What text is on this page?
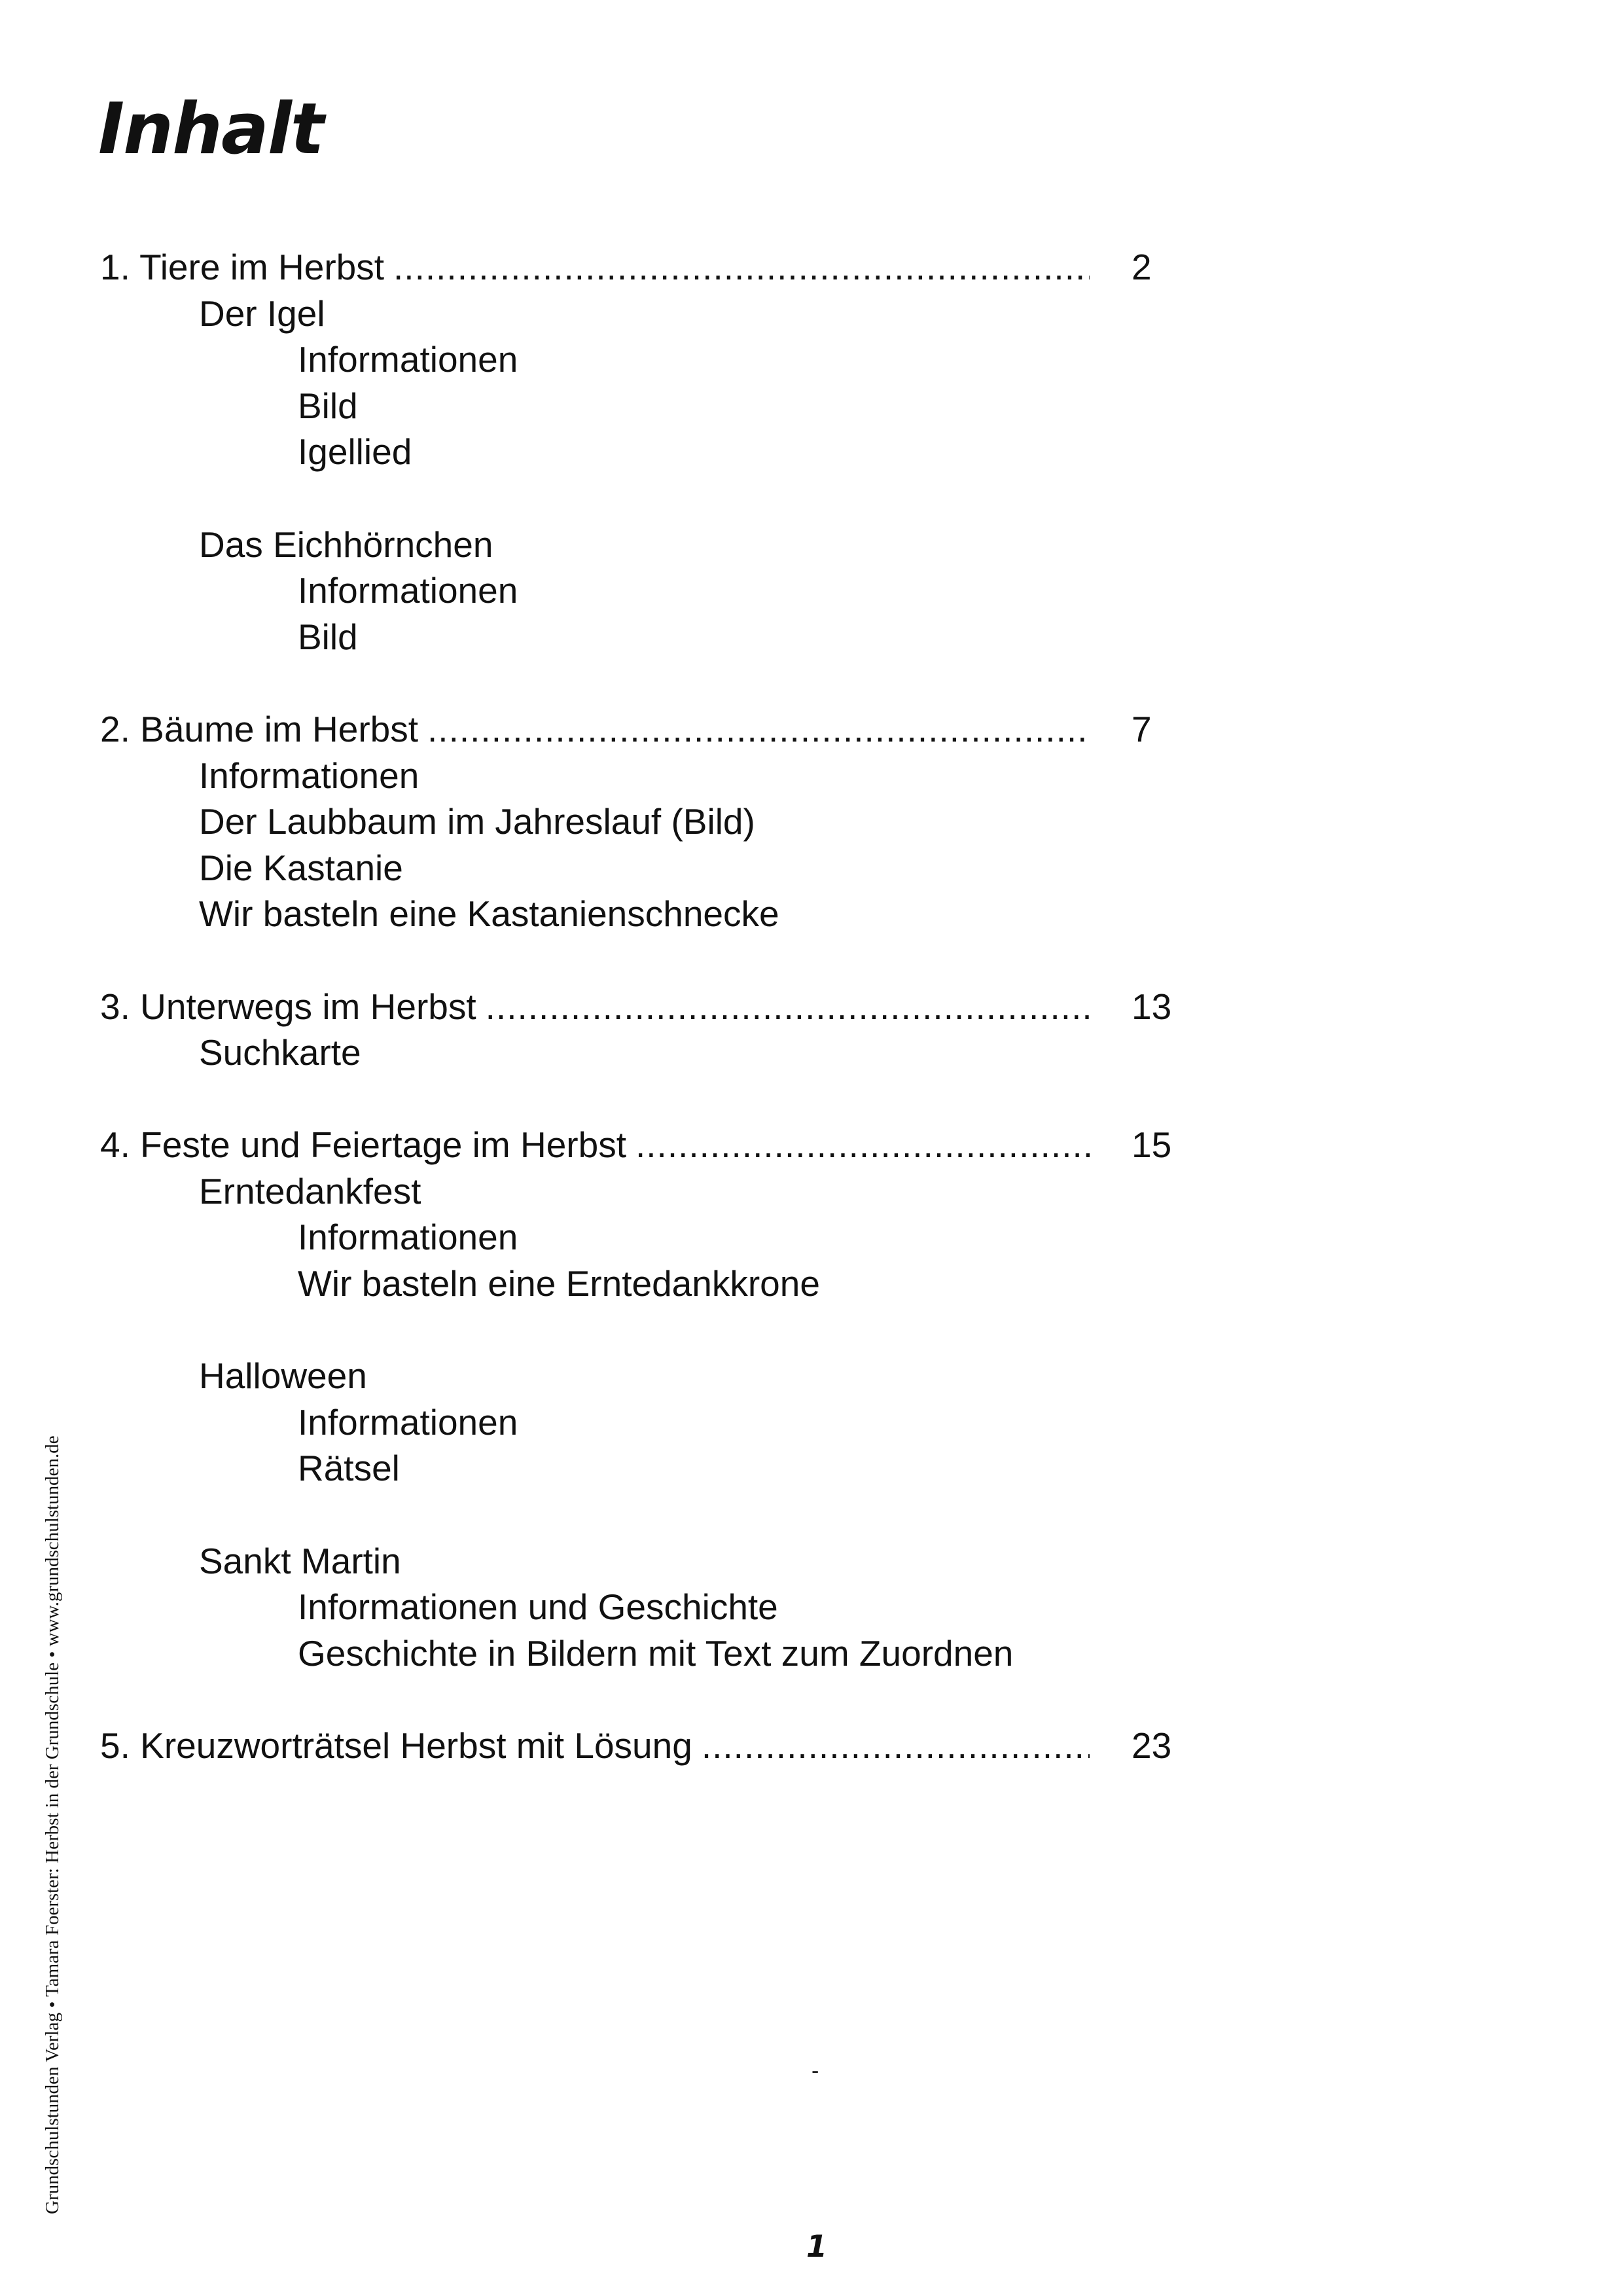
Inhalt
1. Tiere im Herbst .....	2
Der Igel
Informationen
Bild
Igellied
Das Eichhörnchen
Informationen
Bild
2. Bäume im Herbst .....	7
Informationen
Der Laubbaum im Jahreslauf (Bild)
Die Kastanie
Wir basteln eine Kastanienschnecke
3. Unterwegs im Herbst .....	13
Suchkarte
4. Feste und Feiertage im Herbst .....	15
Erntedankfest
Informationen
Wir basteln eine Erntedankkrone
Halloween
Informationen
Rätsel
Sankt Martin
Informationen und Geschichte
Geschichte in Bildern mit Text zum Zuordnen
5. Kreuzworträtsel Herbst mit Lösung .....	23
Grundschulstunden Verlag • Tamara Foerster: Herbst in der Grundschule • www.grundschulstunden.de	-
1
